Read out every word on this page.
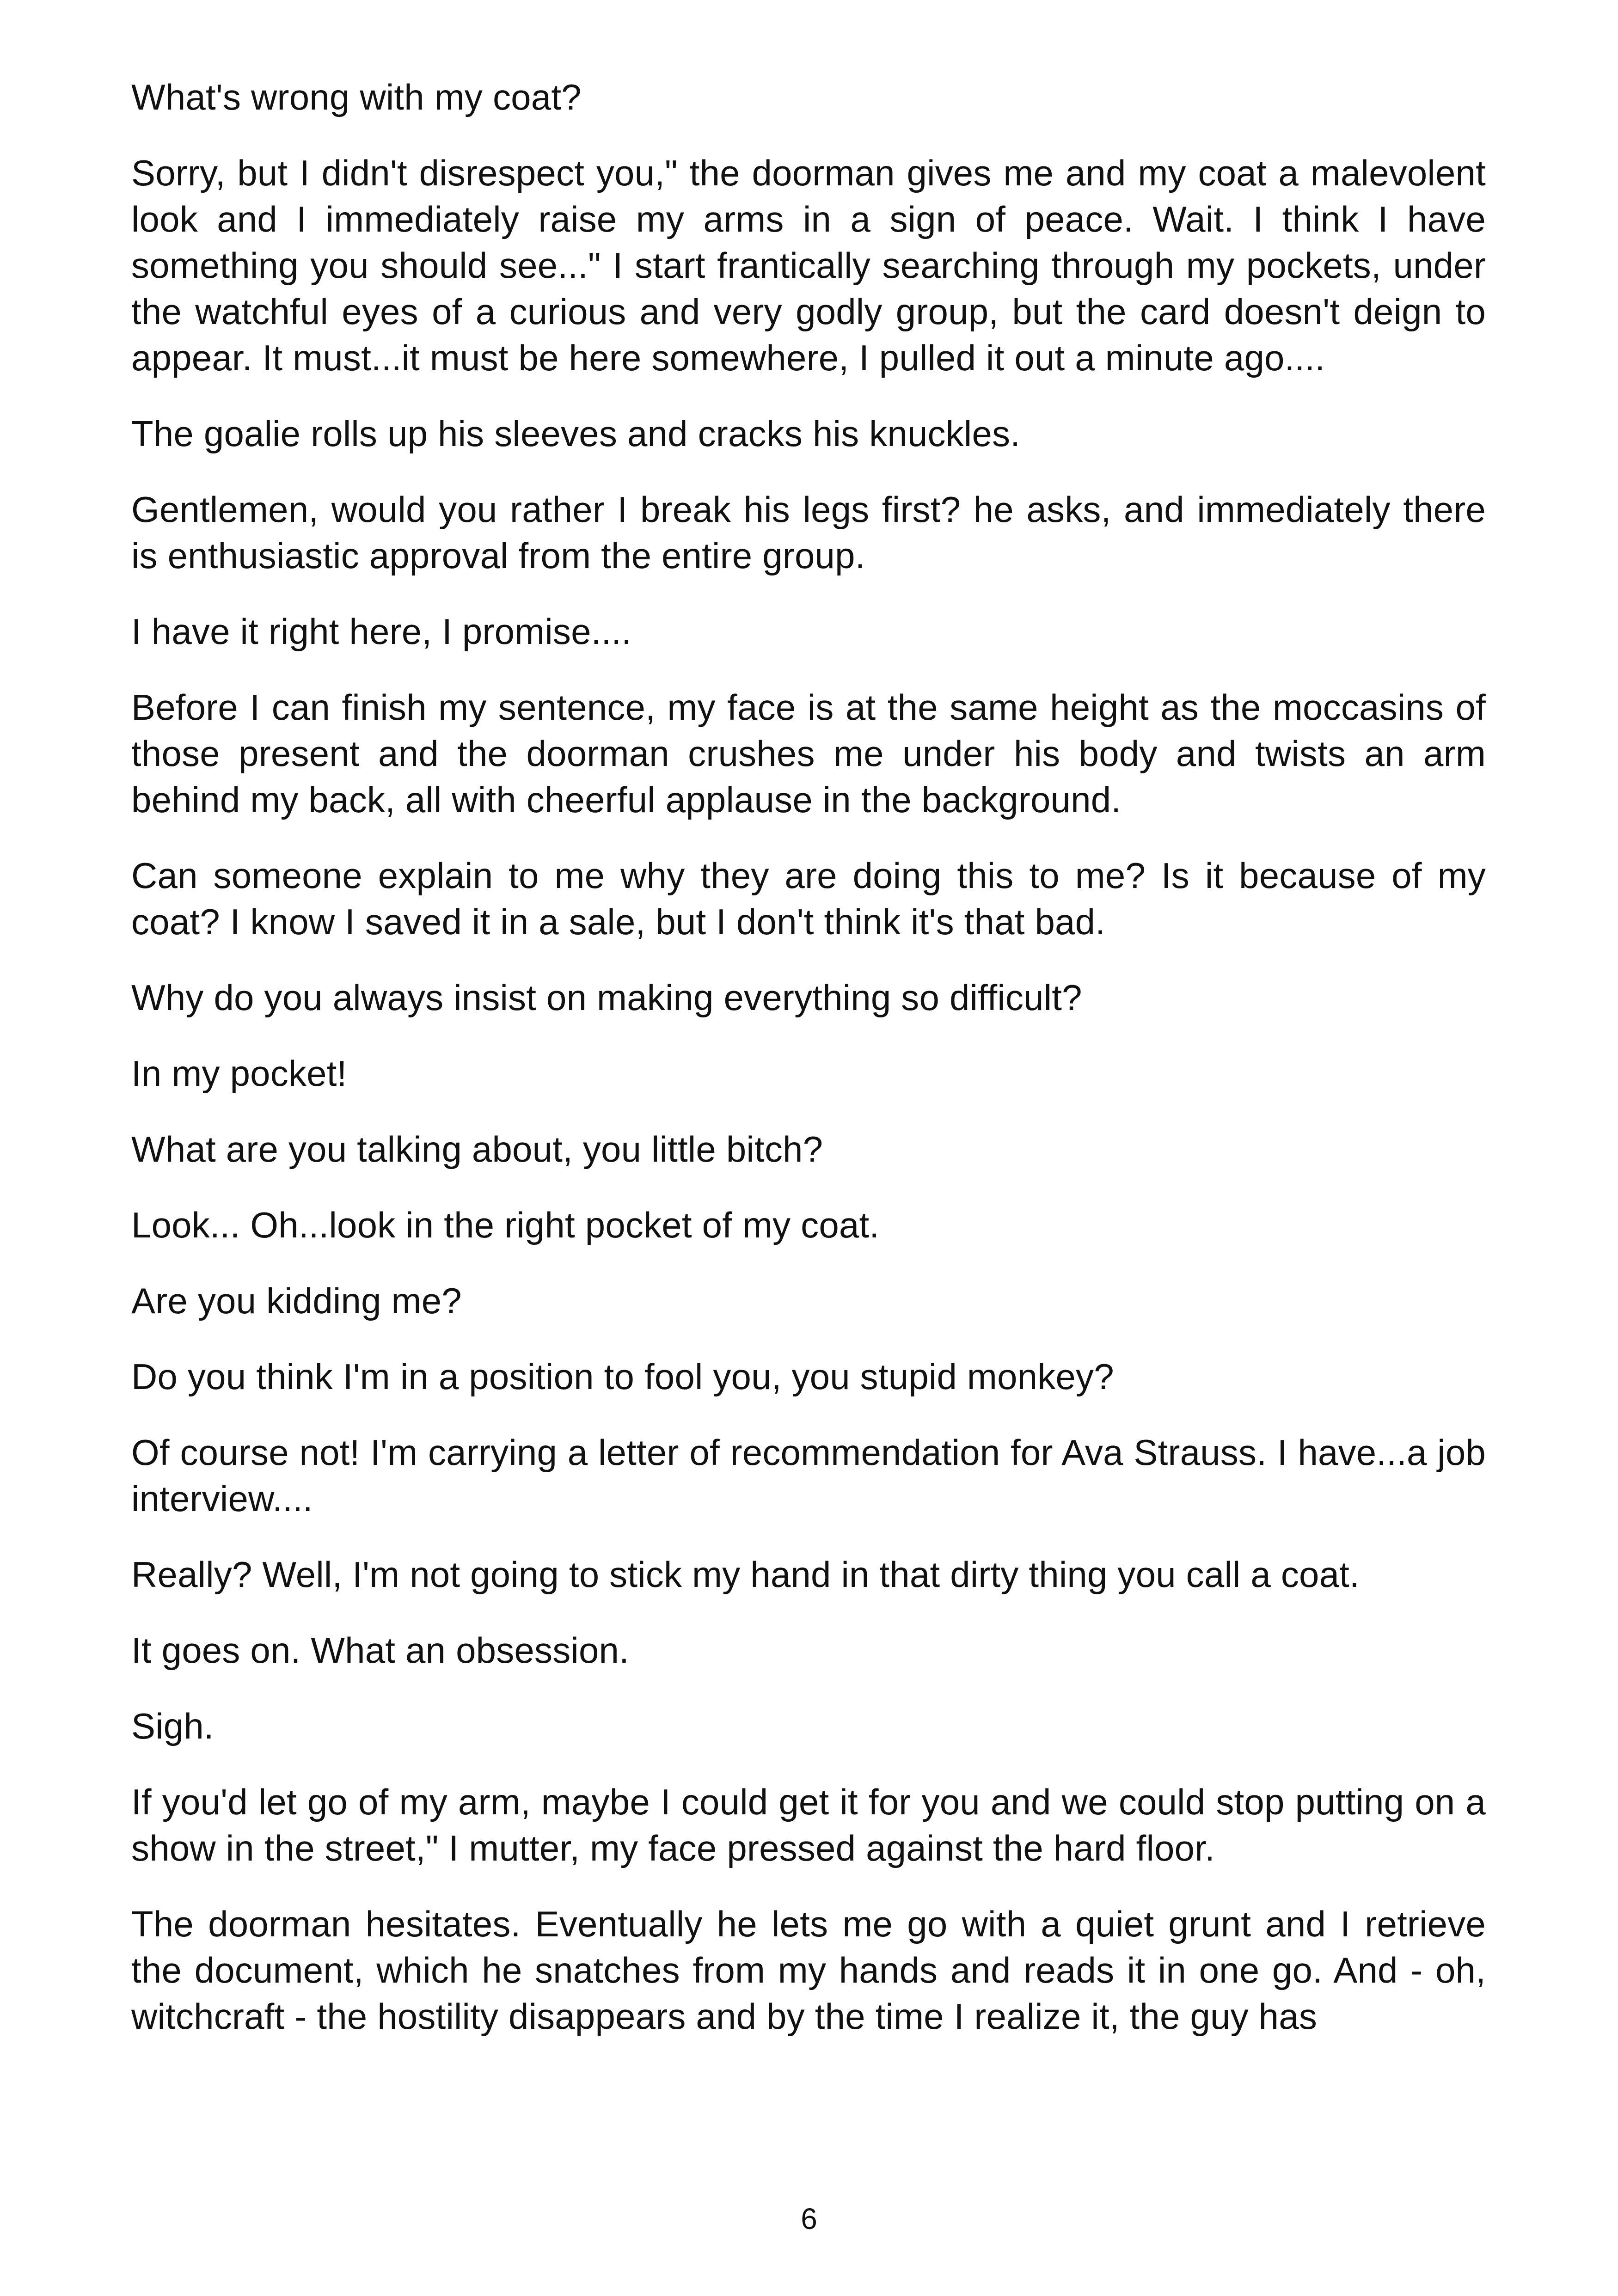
What's wrong with my coat?

Sorry, but I didn't disrespect you," the doorman gives me and my coat a malevolent look and I immediately raise my arms in a sign of peace. Wait. I think I have something you should see..." I start frantically searching through my pockets, under the watchful eyes of a curious and very godly group, but the card doesn't deign to appear. It must...it must be here somewhere, I pulled it out a minute ago....

The goalie rolls up his sleeves and cracks his knuckles.

Gentlemen, would you rather I break his legs first? he asks, and immediately there is enthusiastic approval from the entire group.

I have it right here, I promise....

Before I can finish my sentence, my face is at the same height as the moccasins of those present and the doorman crushes me under his body and twists an arm behind my back, all with cheerful applause in the background.

Can someone explain to me why they are doing this to me? Is it because of my coat? I know I saved it in a sale, but I don't think it's that bad.

Why do you always insist on making everything so difficult?

In my pocket!

What are you talking about, you little bitch?

Look... Oh...look in the right pocket of my coat.

Are you kidding me?

Do you think I'm in a position to fool you, you stupid monkey?

Of course not! I'm carrying a letter of recommendation for Ava Strauss. I have...a job interview....

Really? Well, I'm not going to stick my hand in that dirty thing you call a coat.

It goes on. What an obsession.

Sigh.

If you'd let go of my arm, maybe I could get it for you and we could stop putting on a show in the street," I mutter, my face pressed against the hard floor.

The doorman hesitates. Eventually he lets me go with a quiet grunt and I retrieve the document, which he snatches from my hands and reads it in one go. And - oh, witchcraft - the hostility disappears and by the time I realize it, the guy has

6
